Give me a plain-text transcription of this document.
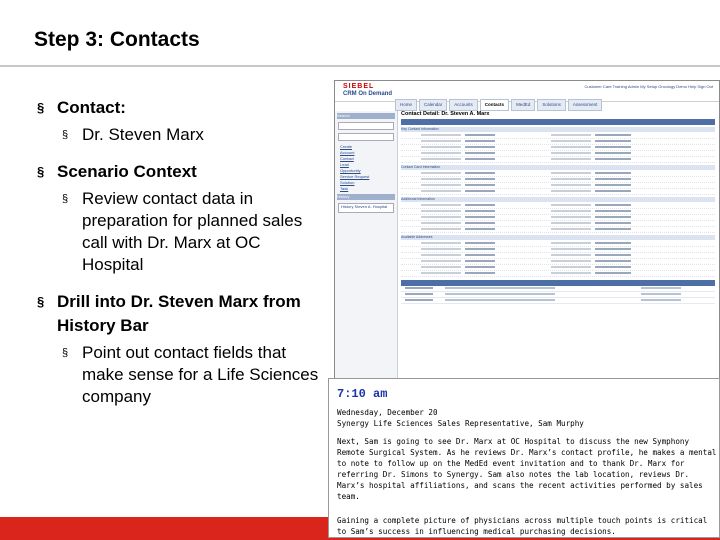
Step 3: Contacts
§ Contact:
§ Dr. Steven Marx
§ Scenario Context
§ Review contact data in preparation for planned sales call with Dr. Marx at OC Hospital
§ Drill into Dr. Steven Marx from History Bar
§ Point out contact fields that make sense for a Life Sciences company
SIEBEL
CRM On Demand
Customer Care Training Admin My Setup Oncology Demo Help Sign Out
Home	Calendar	Accounts	Contacts	MedEd	Solutions	Assessment
Search
Create
Account
Contact
Lead
Opportunity
Service Request
Solution
Task
History
History Steven A. Hospital
Contact Detail: Dr. Steven A. Marx
Key Contact Information
Contact Card Information
Additional Information
Available Addresses
7:10 am
Wednesday, December 20
Synergy Life Sciences Sales Representative, Sam Murphy
Next, Sam is going to see Dr. Marx at OC Hospital to discuss the new Symphony Remote Surgical System. As he reviews Dr. Marx’s contact profile, he makes a mental to note to follow up on the MedEd event invitation and to thank Dr. Marx for referring Dr. Simons to Synergy. Sam also notes the lab location, reviews Dr. Marx’s hospital affiliations, and scans the recent activities performed by sales team.
Gaining a complete picture of physicians across multiple touch points is critical to Sam’s success in influencing medical purchasing decisions.
